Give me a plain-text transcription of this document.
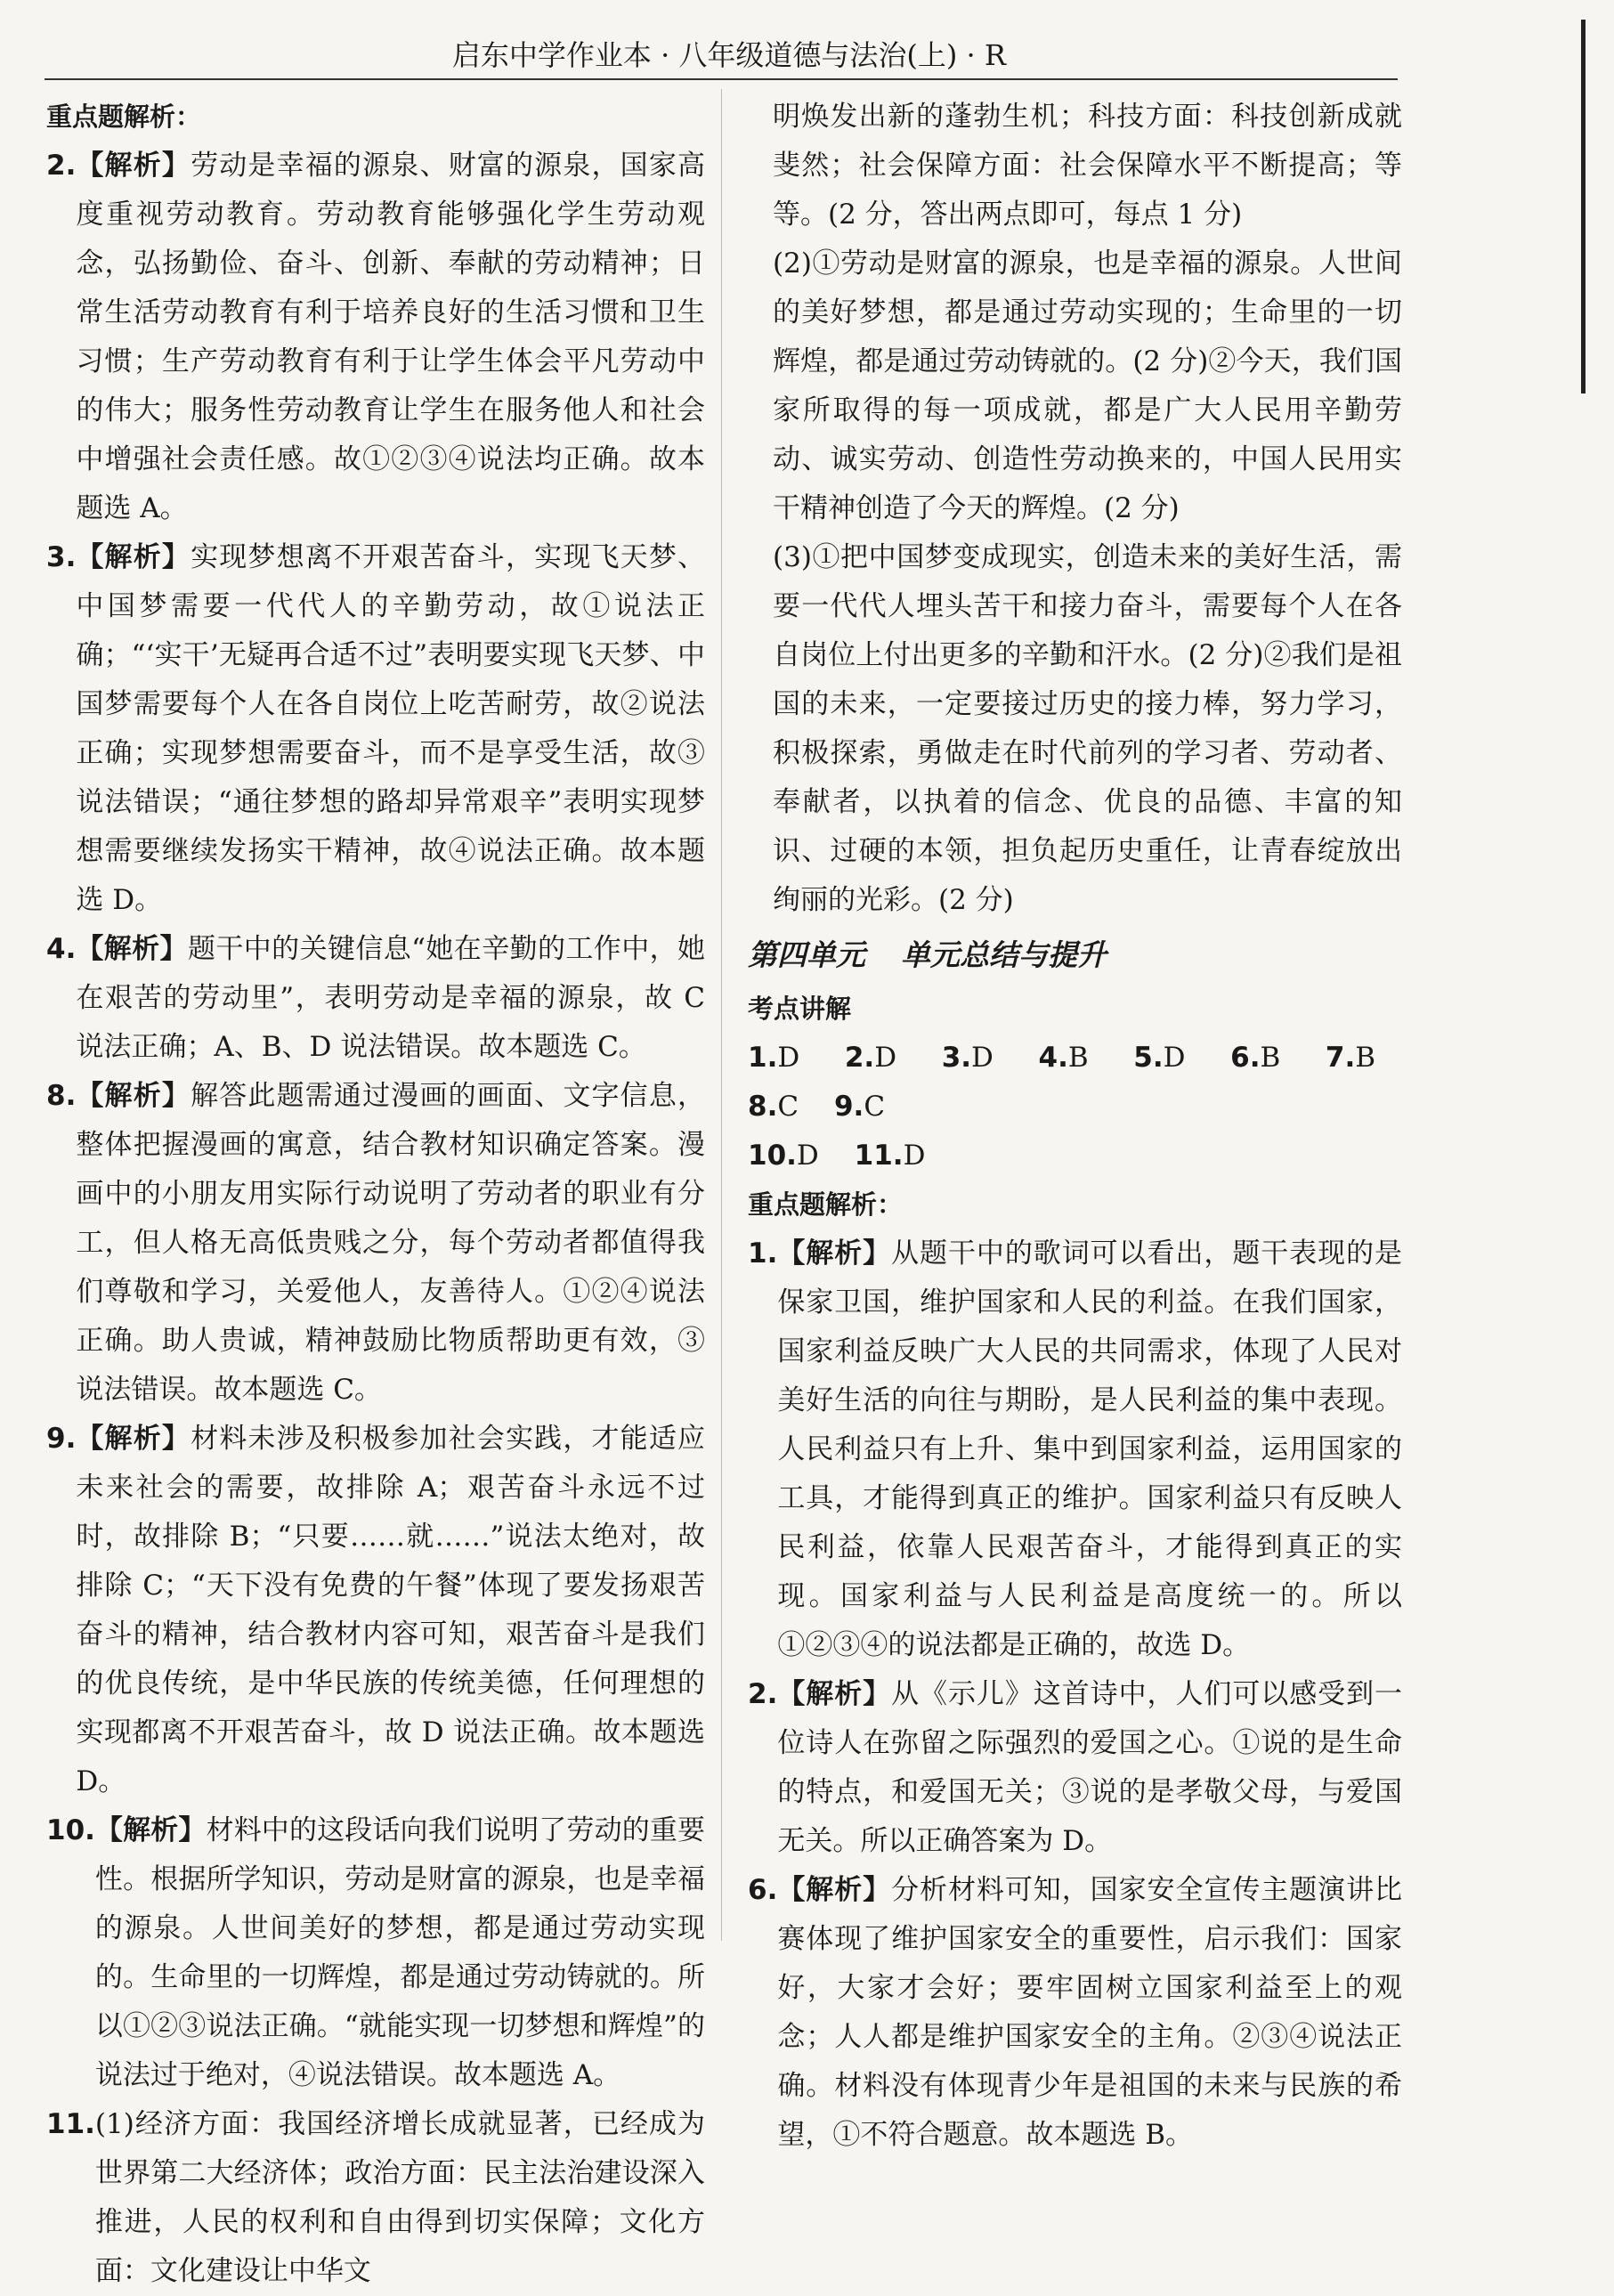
启东中学作业本 · 八年级道德与法治(上) · R
重点题解析：
2. 【解析】劳动是幸福的源泉、财富的源泉，国家高度重视劳动教育。劳动教育能够强化学生劳动观念，弘扬勤俭、奋斗、创新、奉献的劳动精神；日常生活劳动教育有利于培养良好的生活习惯和卫生习惯；生产劳动教育有利于让学生体会平凡劳动中的伟大；服务性劳动教育让学生在服务他人和社会中增强社会责任感。故①②③④说法均正确。故本题选 A。
3. 【解析】实现梦想离不开艰苦奋斗，实现飞天梦、中国梦需要一代代人的辛勤劳动，故①说法正确；“‘实干’无疑再合适不过”表明要实现飞天梦、中国梦需要每个人在各自岗位上吃苦耐劳，故②说法正确；实现梦想需要奋斗，而不是享受生活，故③说法错误；“通往梦想的路却异常艰辛”表明实现梦想需要继续发扬实干精神，故④说法正确。故本题选 D。
4. 【解析】题干中的关键信息“她在辛勤的工作中，她在艰苦的劳动里”，表明劳动是幸福的源泉，故 C 说法正确；A、B、D 说法错误。故本题选 C。
8. 【解析】解答此题需通过漫画的画面、文字信息，整体把握漫画的寓意，结合教材知识确定答案。漫画中的小朋友用实际行动说明了劳动者的职业有分工，但人格无高低贵贱之分，每个劳动者都值得我们尊敬和学习，关爱他人，友善待人。①②④说法正确。助人贵诚，精神鼓励比物质帮助更有效，③说法错误。故本题选 C。
9. 【解析】材料未涉及积极参加社会实践，才能适应未来社会的需要，故排除 A；艰苦奋斗永远不过时，故排除 B；“只要……就……”说法太绝对，故排除 C；“天下没有免费的午餐”体现了要发扬艰苦奋斗的精神，结合教材内容可知，艰苦奋斗是我们的优良传统，是中华民族的传统美德，任何理想的实现都离不开艰苦奋斗，故 D 说法正确。故本题选 D。
10. 【解析】材料中的这段话向我们说明了劳动的重要性。根据所学知识，劳动是财富的源泉，也是幸福的源泉。人世间美好的梦想，都是通过劳动实现的。生命里的一切辉煌，都是通过劳动铸就的。所以①②③说法正确。“就能实现一切梦想和辉煌”的说法过于绝对，④说法错误。故本题选 A。
11. (1)经济方面：我国经济增长成就显著，已经成为世界第二大经济体；政治方面：民主法治建设深入推进，人民的权利和自由得到切实保障；文化方面：文化建设让中华文
明焕发出新的蓬勃生机；科技方面：科技创新成就斐然；社会保障方面：社会保障水平不断提高；等等。(2 分，答出两点即可，每点 1 分)
(2)①劳动是财富的源泉，也是幸福的源泉。人世间的美好梦想，都是通过劳动实现的；生命里的一切辉煌，都是通过劳动铸就的。(2 分)②今天，我们国家所取得的每一项成就，都是广大人民用辛勤劳动、诚实劳动、创造性劳动换来的，中国人民用实干精神创造了今天的辉煌。(2 分)
(3)①把中国梦变成现实，创造未来的美好生活，需要一代代人埋头苦干和接力奋斗，需要每个人在各自岗位上付出更多的辛勤和汗水。(2 分)②我们是祖国的未来，一定要接过历史的接力棒，努力学习，积极探索，勇做走在时代前列的学习者、劳动者、奉献者，以执着的信念、优良的品德、丰富的知识、过硬的本领，担负起历史重任，让青春绽放出绚丽的光彩。(2 分)
第四单元 单元总结与提升
考点讲解
1.D 2.D 3.D 4.B 5.D 6.B 7.B 8.C 9.C
10.D 11.D
重点题解析：
1. 【解析】从题干中的歌词可以看出，题干表现的是保家卫国，维护国家和人民的利益。在我们国家，国家利益反映广大人民的共同需求，体现了人民对美好生活的向往与期盼，是人民利益的集中表现。人民利益只有上升、集中到国家利益，运用国家的工具，才能得到真正的维护。国家利益只有反映人民利益，依靠人民艰苦奋斗，才能得到真正的实现。国家利益与人民利益是高度统一的。所以①②③④的说法都是正确的，故选 D。
2. 【解析】从《示儿》这首诗中，人们可以感受到一位诗人在弥留之际强烈的爱国之心。①说的是生命的特点，和爱国无关；③说的是孝敬父母，与爱国无关。所以正确答案为 D。
6. 【解析】分析材料可知，国家安全宣传主题演讲比赛体现了维护国家安全的重要性，启示我们：国家好，大家才会好；要牢固树立国家利益至上的观念；人人都是维护国家安全的主角。②③④说法正确。材料没有体现青少年是祖国的未来与民族的希望，①不符合题意。故本题选 B。
